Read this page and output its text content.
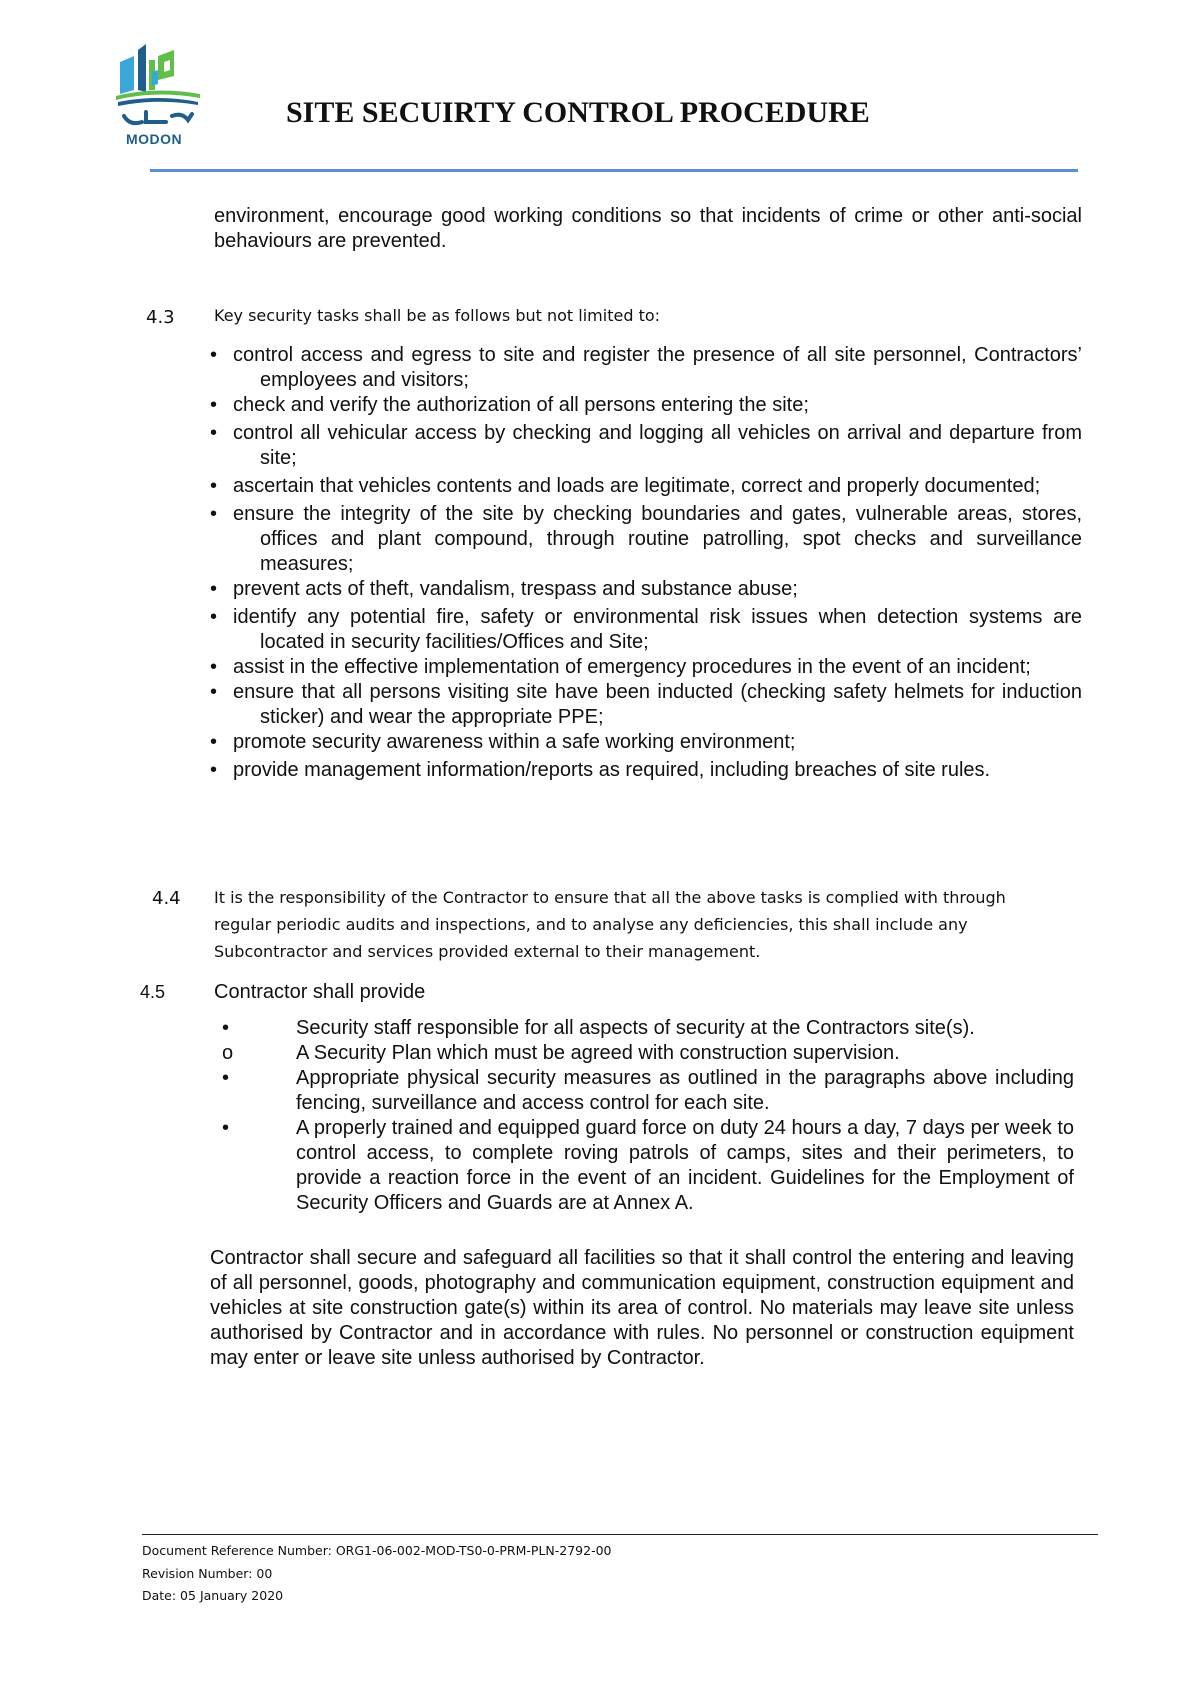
MODON
SITE SECUIRTY CONTROL PROCEDURE

environment, encourage good working conditions so that incidents of crime or other anti-social behaviours are prevented.

4.3 Key security tasks shall be as follows but not limited to:

• control access and egress to site and register the presence of all site personnel, Contractors’ employees and visitors;
• check and verify the authorization of all persons entering the site;
• control all vehicular access by checking and logging all vehicles on arrival and departure from site;
• ascertain that vehicles contents and loads are legitimate, correct and properly documented;
• ensure the integrity of the site by checking boundaries and gates, vulnerable areas, stores, offices and plant compound, through routine patrolling, spot checks and surveillance measures;
• prevent acts of theft, vandalism, trespass and substance abuse;
• identify any potential fire, safety or environmental risk issues when detection systems are located in security facilities/Offices and Site;
• assist in the effective implementation of emergency procedures in the event of an incident;
• ensure that all persons visiting site have been inducted (checking safety helmets for induction sticker) and wear the appropriate PPE;
• promote security awareness within a safe working environment;
• provide management information/reports as required, including breaches of site rules.
4.4 It is the responsibility of the Contractor to ensure that all the above tasks is complied with through regular periodic audits and inspections, and to analyse any deficiencies, this shall include any Subcontractor and services provided external to their management.

4.5 Contractor shall provide

•	Security staff responsible for all aspects of security at the Contractors site(s).
o	A Security Plan which must be agreed with construction supervision.
•	Appropriate physical security measures as outlined in the paragraphs above including fencing, surveillance and access control for each site.
•	A properly trained and equipped guard force on duty 24 hours a day, 7 days per week to control access, to complete roving patrols of camps, sites and their perimeters, to provide a reaction force in the event of an incident. Guidelines for the Employment of Security Officers and Guards are at Annex A.

Contractor shall secure and safeguard all facilities so that it shall control the entering and leaving of all personnel, goods, photography and communication equipment, construction equipment and vehicles at site construction gate(s) within its area of control. No materials may leave site unless authorised by Contractor and in accordance with rules. No personnel or construction equipment may enter or leave site unless authorised by Contractor.

Document Reference Number: ORG1-06-002-MOD-TS0-0-PRM-PLN-2792-00
Revision Number: 00
Date: 05 January 2020
